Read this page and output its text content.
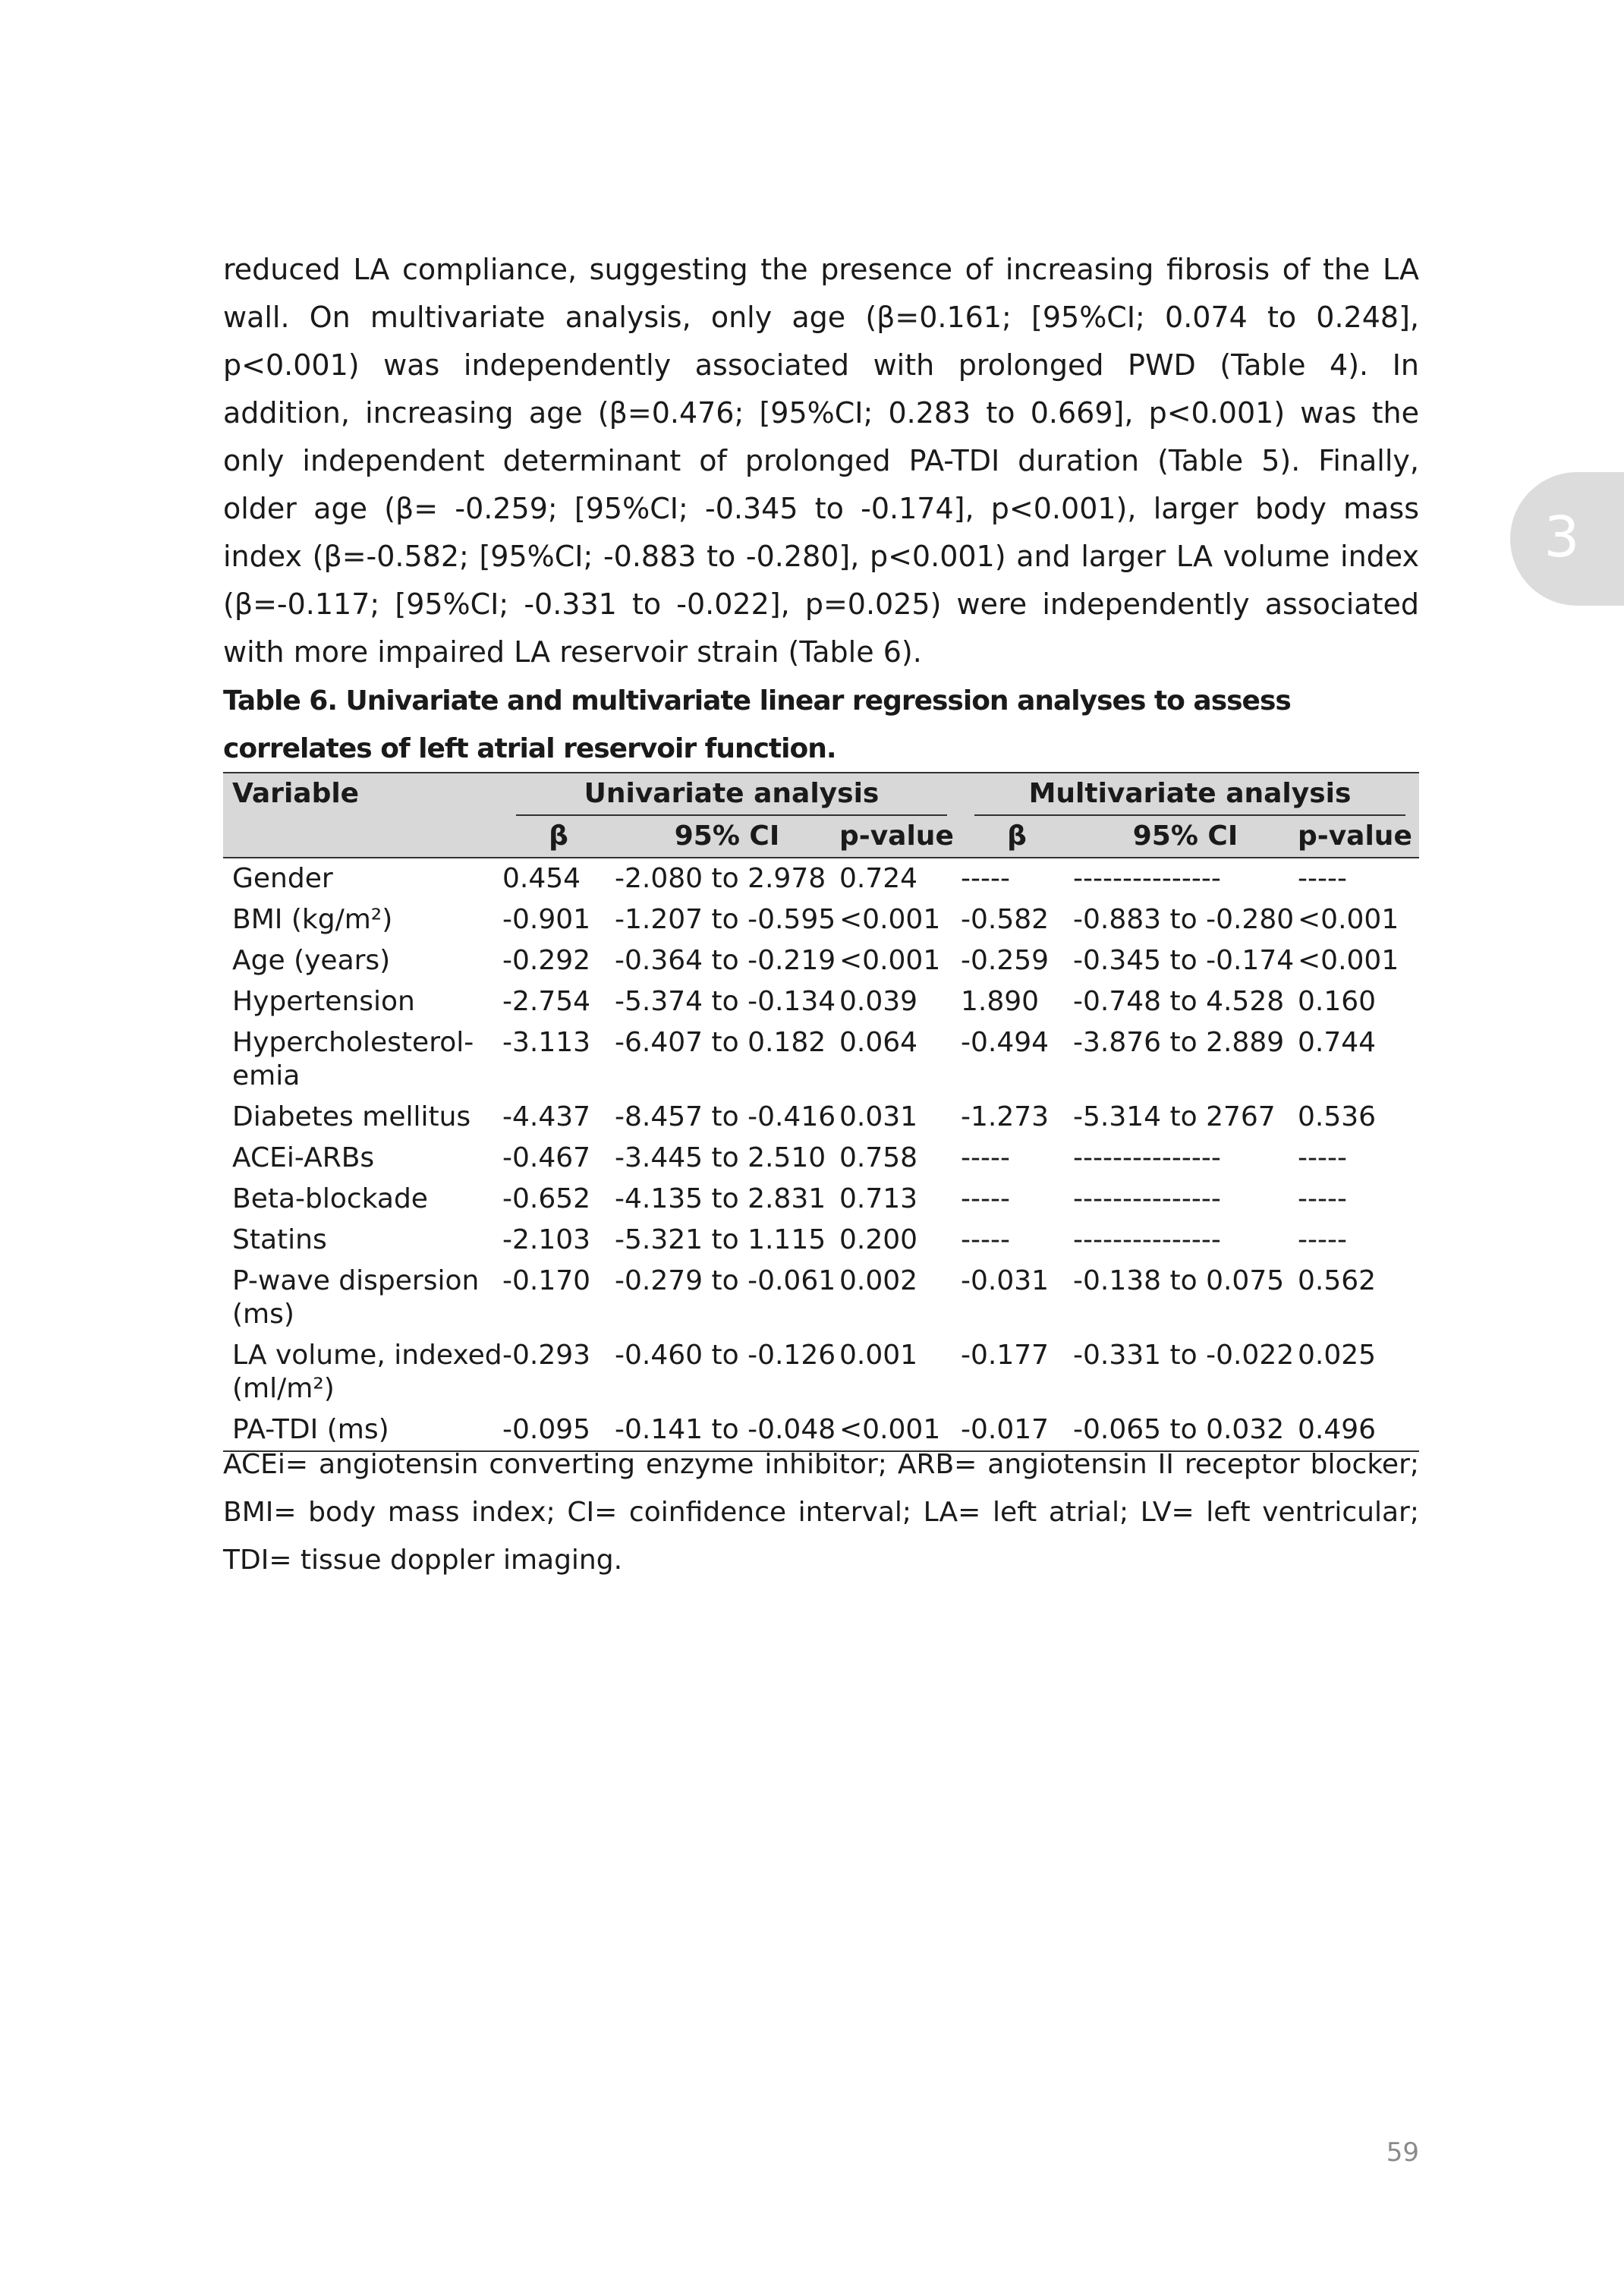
reduced LA compliance, suggesting the presence of increasing fibrosis of the LA wall. On multivariate analysis, only age (β=0.161; [95%CI; 0.074 to 0.248], p<0.001) was independently associated with prolonged PWD (Table 4). In addition, increasing age (β=0.476; [95%CI; 0.283 to 0.669], p<0.001) was the only independent determinant of prolonged PA-TDI duration (Table 5). Finally, older age (β= -0.259; [95%CI; -0.345 to -0.174], p<0.001), larger body mass index (β=-0.582; [95%CI; -0.883 to -0.280], p<0.001) and larger LA volume index (β=-0.117; [95%CI; -0.331 to -0.022], p=0.025) were independently associated with more impaired LA reservoir strain (Table 6).

3

Table 6. Univariate and multivariate linear regression analyses to assess correlates of left atrial reservoir function.

Variable	Univariate analysis			Multivariate analysis		
	β	95% CI	p-value	β	95% CI	p-value
Gender	0.454	-2.080 to 2.978	0.724	-----	---------------	-----
BMI (kg/m²)	-0.901	-1.207 to -0.595	<0.001	-0.582	-0.883 to -0.280	<0.001
Age (years)	-0.292	-0.364 to -0.219	<0.001	-0.259	-0.345 to -0.174	<0.001
Hypertension	-2.754	-5.374 to -0.134	0.039	1.890	-0.748 to 4.528	0.160
Hypercholesterol-emia	-3.113	-6.407 to 0.182	0.064	-0.494	-3.876 to 2.889	0.744
Diabetes mellitus	-4.437	-8.457 to -0.416	0.031	-1.273	-5.314 to 2767	0.536
ACEi-ARBs	-0.467	-3.445 to 2.510	0.758	-----	---------------	-----
Beta-blockade	-0.652	-4.135 to 2.831	0.713	-----	---------------	-----
Statins	-2.103	-5.321 to 1.115	0.200	-----	---------------	-----
P-wave dispersion (ms)	-0.170	-0.279 to -0.061	0.002	-0.031	-0.138 to 0.075	0.562
LA volume, indexed (ml/m²)	-0.293	-0.460 to -0.126	0.001	-0.177	-0.331 to -0.022	0.025
PA-TDI (ms)	-0.095	-0.141 to -0.048	<0.001	-0.017	-0.065 to 0.032	0.496

ACEi= angiotensin converting enzyme inhibitor; ARB= angiotensin II receptor blocker; BMI= body mass index; CI= coinfidence interval; LA= left atrial; LV= left ventricular; TDI= tissue doppler imaging.

59
